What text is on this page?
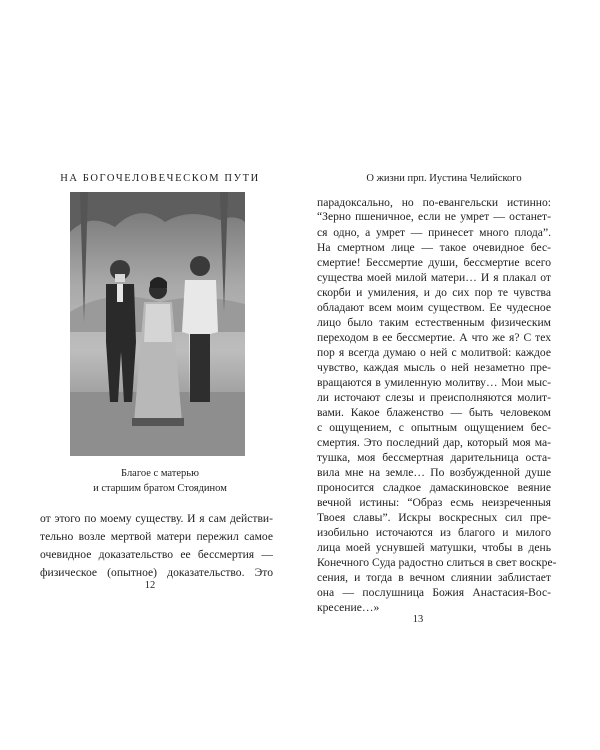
НА БОГОЧЕЛОВЕЧЕСКОМ ПУТИ
Благое с матерью
и старшим братом Стоядином
от этого по моему существу. И я сам действи-
тельно возле мертвой матери пережил самое
очевидное доказательство ее бессмертия —
физическое (опытное) доказательство. Это
12
О жизни прп. Иустина Челийского
парадоксально, но по-евангельски истинно:
“Зерно пшеничное, если не умрет — останет-
ся одно, а умрет — принесет много плода”.
На смертном лице — такое очевидное бес-
смертие! Бессмертие души, бессмертие всего
существа моей милой матери… И я плакал от
скорби и умиления, и до сих пор те чувства
обладают всем моим существом. Ее чудесное
лицо было таким естественным физическим
переходом в ее бессмертие. А что же я? С тех
пор я всегда думаю о ней с молитвой: каждое
чувство, каждая мысль о ней незаметно пре-
вращаются в умиленную молитву… Мои мыс-
ли источают слезы и преисполняются молит-
вами. Какое блаженство — быть человеком
с ощущением, с опытным ощущением бес-
смертия. Это последний дар, который моя ма-
тушка, моя бессмертная дарительница оста-
вила мне на земле… По возбужденной душе
проносится сладкое дамаскиновское веяние
вечной истины: “Образ есмь неизреченныя
Твоея славы”. Искры воскресных сил пре-
изобильно источаются из благого и милого
лица моей уснувшей матушки, чтобы в день
Конечного Суда радостно слиться в свет воскре-
сения, и тогда в вечном слиянии заблистает
она — послушница Божия Анастасия-Вос-
кресение…»
13
